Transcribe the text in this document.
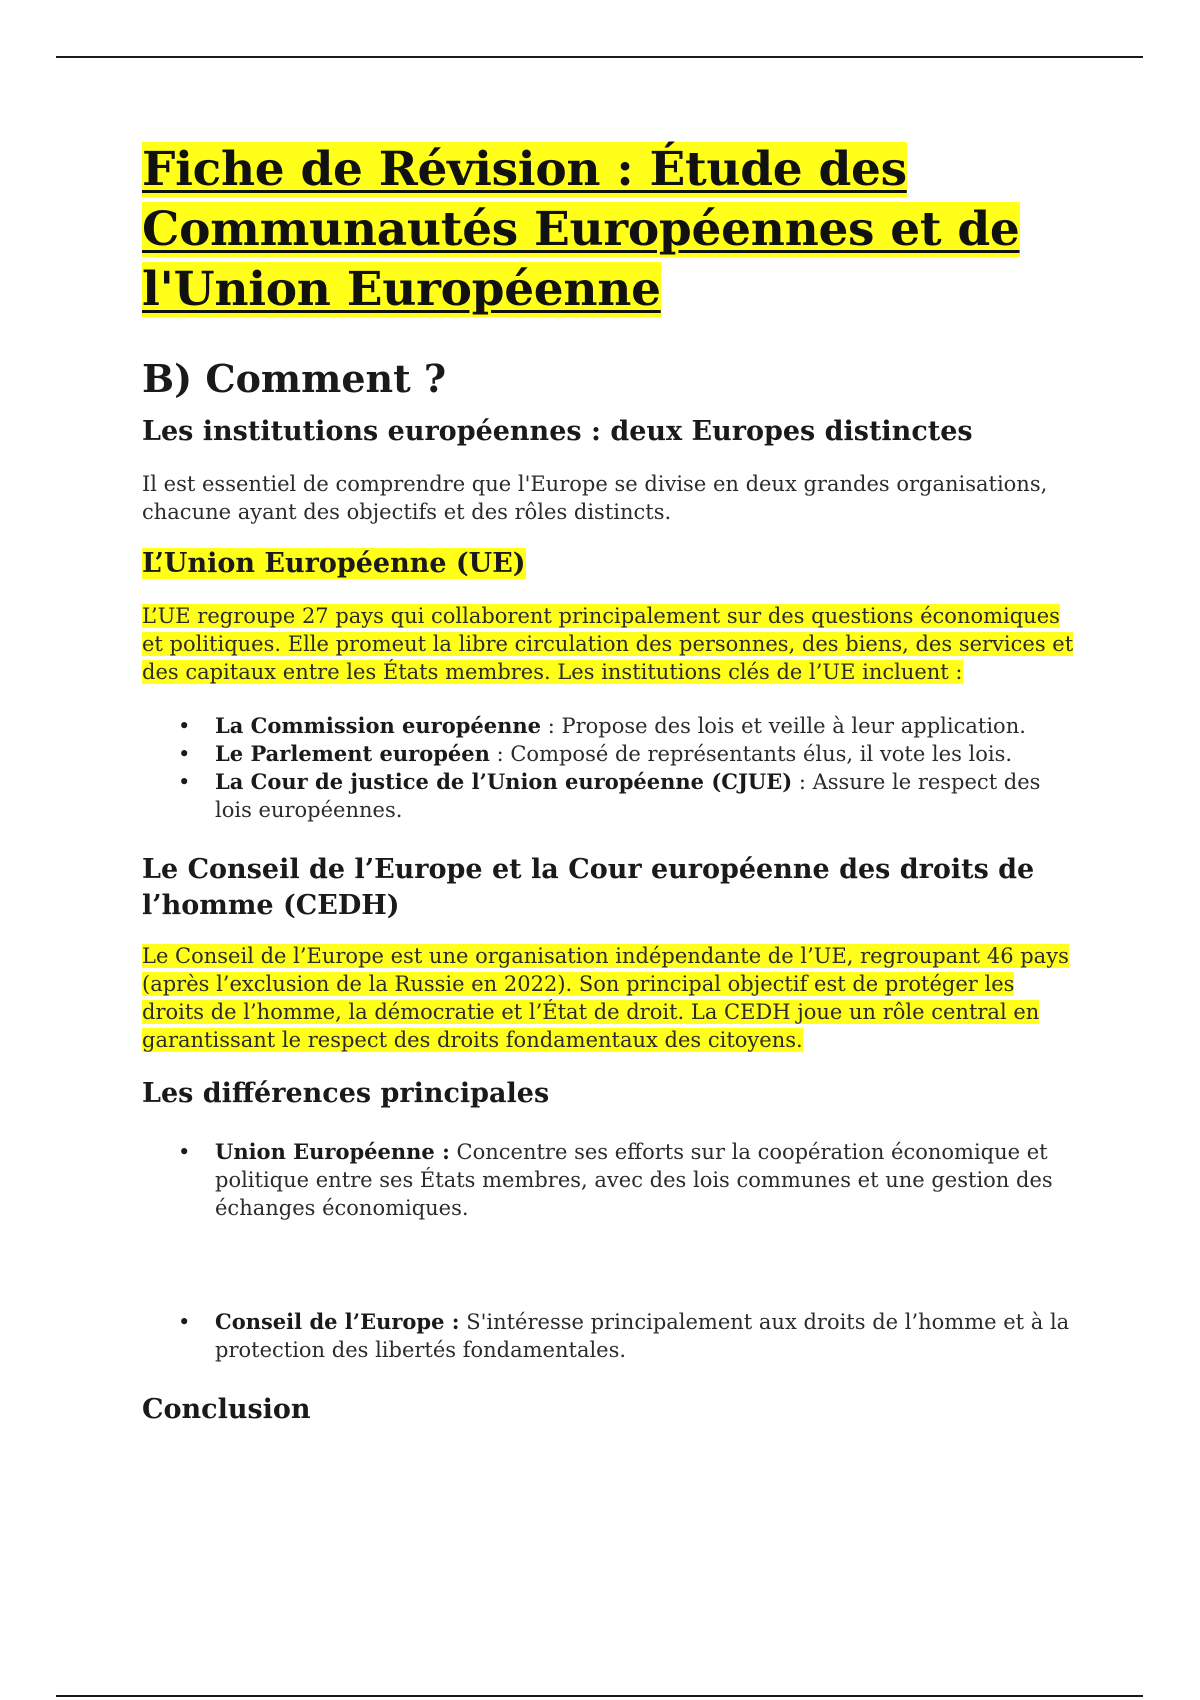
Fiche de Révision : Étude des Communautés Européennes et de l'Union Européenne
B) Comment ?
Les institutions européennes : deux Europes distinctes

Il est essentiel de comprendre que l'Europe se divise en deux grandes organisations, chacune ayant des objectifs et des rôles distincts.

L’Union Européenne (UE)

L’UE regroupe 27 pays qui collaborent principalement sur des questions économiques et politiques. Elle promeut la libre circulation des personnes, des biens, des services et des capitaux entre les États membres. Les institutions clés de l’UE incluent :

• La Commission européenne : Propose des lois et veille à leur application.
• Le Parlement européen : Composé de représentants élus, il vote les lois.
• La Cour de justice de l’Union européenne (CJUE) : Assure le respect des lois européennes.
Le Conseil de l’Europe et la Cour européenne des droits de l’homme (CEDH)

Le Conseil de l’Europe est une organisation indépendante de l’UE, regroupant 46 pays (après l’exclusion de la Russie en 2022). Son principal objectif est de protéger les droits de l’homme, la démocratie et l’État de droit. La CEDH joue un rôle central en garantissant le respect des droits fondamentaux des citoyens.

Les différences principales
• Union Européenne : Concentre ses efforts sur la coopération économique et politique entre ses États membres, avec des lois communes et une gestion des échanges économiques.
• Conseil de l’Europe : S'intéresse principalement aux droits de l’homme et à la protection des libertés fondamentales.
Conclusion
